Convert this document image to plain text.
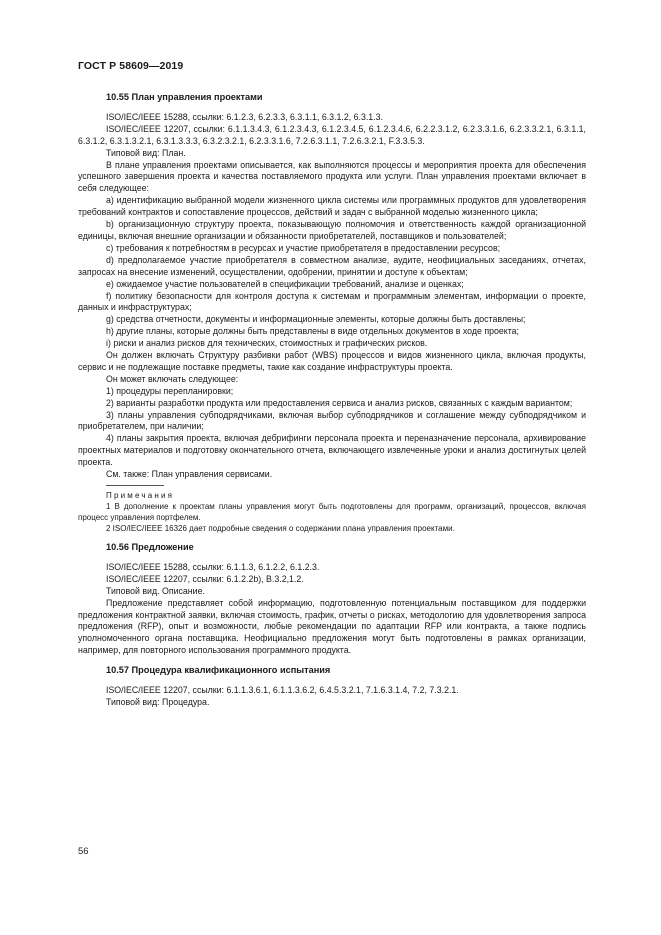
ГОСТ Р 58609—2019

10.55 План управления проектами

ISO/IEC/IEEE 15288, ссылки: 6.1.2.3, 6.2.3.3, 6.3.1.1, 6.3.1.2, 6.3.1.3.

ISO/IEC/IEEE 12207, ссылки: 6.1.1.3.4.3, 6.1.2.3.4.3, 6.1.2.3.4.5, 6.1.2.3.4.6, 6.2.2.3.1.2, 6.2.3.3.1.6, 6.2.3.3.2.1, 6.3.1.1, 6.3.1.2, 6.3.1.3.2.1, 6.3.1.3.3.3, 6.3.2.3.2.1, 6.2.3.3.1.6, 7.2.6.3.1.1, 7.2.6.3.2.1, F.3.3.5.3.

Типовой вид: План.

В плане управления проектами описывается, как выполняются процессы и мероприятия проекта для обеспечения успешного завершения проекта и качества поставляемого продукта или услуги. План управления проектами включает в себя следующее:

a) идентификацию выбранной модели жизненного цикла системы или программных продуктов для удовлетворения требований контрактов и сопоставление процессов, действий и задач с выбранной моделью жизненного цикла;

b) организационную структуру проекта, показывающую полномочия и ответственность каждой организационной единицы, включая внешние организации и обязанности приобретателей, поставщиков и пользователей;

c) требования к потребностям в ресурсах и участие приобретателя в предоставлении ресурсов;

d) предполагаемое участие приобретателя в совместном анализе, аудите, неофициальных заседаниях, отчетах, запросах на внесение изменений, осуществлении, одобрении, принятии и доступе к объектам;

e) ожидаемое участие пользователей в спецификации требований, анализе и оценках;

f) политику безопасности для контроля доступа к системам и программным элементам, информации о проекте, данных и инфраструктурах;

g) средства отчетности, документы и информационные элементы, которые должны быть доставлены;

h) другие планы, которые должны быть представлены в виде отдельных документов в ходе проекта;

i) риски и анализ рисков для технических, стоимостных и графических рисков.

Он должен включать Структуру разбивки работ (WBS) процессов и видов жизненного цикла, включая продукты, сервис и не подлежащие поставке предметы, такие как создание инфраструктуры проекта.

Он может включать следующее:

1) процедуры перепланировки;

2) варианты разработки продукта или предоставления сервиса и анализ рисков, связанных с каждым вариантом;

3) планы управления субподрядчиками, включая выбор субподрядчиков и соглашение между субподрядчиком и приобретателем, при наличии;

4) планы закрытия проекта, включая дебрифинги персонала проекта и переназначение персонала, архивирование проектных материалов и подготовку окончательного отчета, включающего извлеченные уроки и анализ достигнутых целей проекта.

См. также: План управления сервисами.

Примечания

1 В дополнение к проектам планы управления могут быть подготовлены для программ, организаций, процессов, включая процесс управления портфелем.

2 ISO/IEC/IEEE 16326 дает подробные сведения о содержании плана управления проектами.

10.56 Предложение

ISO/IEC/IEEE 15288, ссылки: 6.1.1.3, 6.1.2.2, 6.1.2.3.

ISO/IEC/IEEE 12207, ссылки: 6.1.2.2b), B.3.2,1.2.

Типовой вид. Описание.

Предложение представляет собой информацию, подготовленную потенциальным поставщиком для поддержки предложения контрактной заявки, включая стоимость, график, отчеты о рисках, методологию для удовлетворения запроса предложения (RFP), опыт и возможности, любые рекомендации по адаптации RFP или контракта, а также подпись уполномоченного органа поставщика. Неофициально предложения могут быть подготовлены в рамках организации, например, для повторного использования программного продукта.

10.57 Процедура квалификационного испытания

ISO/IEC/IEEE 12207, ссылки: 6.1.1.3.6.1, 6.1.1.3.6.2, 6.4.5.3.2.1, 7.1.6.3.1.4, 7.2, 7.3.2.1.

Типовой вид: Процедура.

56
